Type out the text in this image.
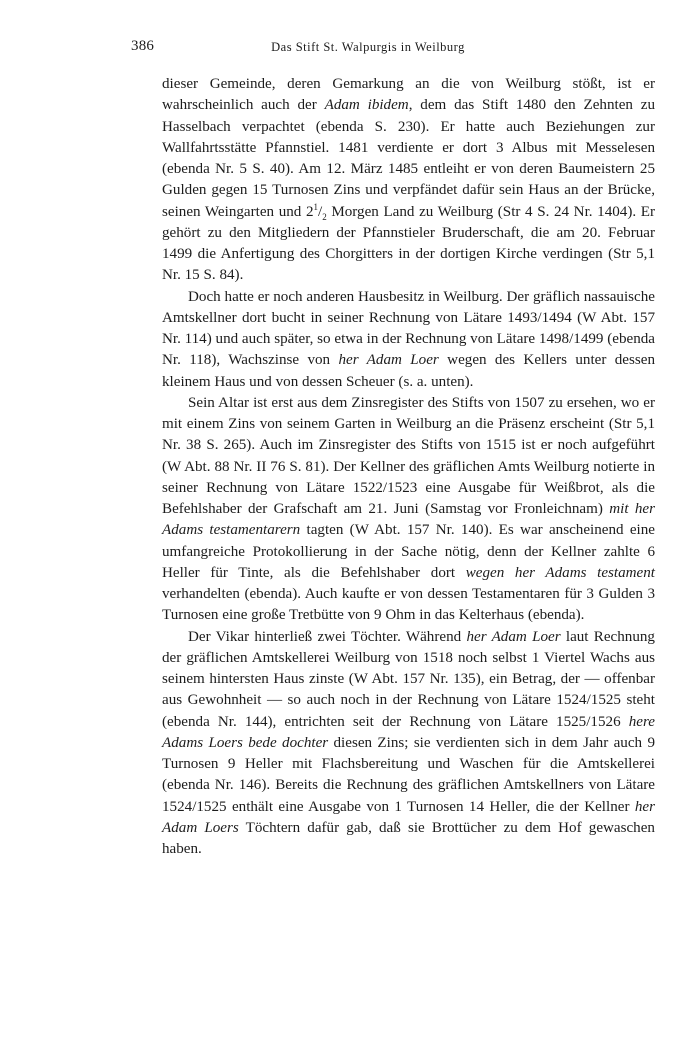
386	Das Stift St. Walpurgis in Weilburg

dieser Gemeinde, deren Gemarkung an die von Weilburg stößt, ist er wahrscheinlich auch der Adam ibidem, dem das Stift 1480 den Zehnten zu Hasselbach verpachtet (ebenda S. 230). Er hatte auch Beziehungen zur Wallfahrtsstätte Pfannstiel. 1481 verdiente er dort 3 Albus mit Messelesen (ebenda Nr. 5 S. 40). Am 12. März 1485 entleiht er von deren Baumeistern 25 Gulden gegen 15 Turnosen Zins und verpfändet dafür sein Haus an der Brücke, seinen Weingarten und $2^1/_2$ Morgen Land zu Weilburg (Str 4 S. 24 Nr. 1404). Er gehört zu den Mitgliedern der Pfannstieler Bruderschaft, die am 20. Februar 1499 die Anfertigung des Chorgitters in der dortigen Kirche verdingen (Str 5,1 Nr. 15 S. 84).

Doch hatte er noch anderen Hausbesitz in Weilburg. Der gräflich nassauische Amtskellner dort bucht in seiner Rechnung von Lätare 1493/1494 (W Abt. 157 Nr. 114) und auch später, so etwa in der Rechnung von Lätare 1498/1499 (ebenda Nr. 118), Wachszinse von her Adam Loer wegen des Kellers unter dessen kleinem Haus und von dessen Scheuer (s. a. unten).

Sein Altar ist erst aus dem Zinsregister des Stifts von 1507 zu ersehen, wo er mit einem Zins von seinem Garten in Weilburg an die Präsenz erscheint (Str 5,1 Nr. 38 S. 265). Auch im Zinsregister des Stifts von 1515 ist er noch aufgeführt (W Abt. 88 Nr. II 76 S. 81). Der Kellner des gräflichen Amts Weilburg notierte in seiner Rechnung von Lätare 1522/1523 eine Ausgabe für Weißbrot, als die Befehlshaber der Grafschaft am 21. Juni (Samstag vor Fronleichnam) mit her Adams testamentarern tagten (W Abt. 157 Nr. 140). Es war anscheinend eine umfangreiche Protokollierung in der Sache nötig, denn der Kellner zahlte 6 Heller für Tinte, als die Befehlshaber dort wegen her Adams testament verhandelten (ebenda). Auch kaufte er von dessen Testamentaren für 3 Gulden 3 Turnosen eine große Tretbütte von 9 Ohm in das Kelterhaus (ebenda).

Der Vikar hinterließ zwei Töchter. Während her Adam Loer laut Rechnung der gräflichen Amtskellerei Weilburg von 1518 noch selbst 1 Viertel Wachs aus seinem hintersten Haus zinste (W Abt. 157 Nr. 135), ein Betrag, der — offenbar aus Gewohnheit — so auch noch in der Rechnung von Lätare 1524/1525 steht (ebenda Nr. 144), entrichten seit der Rechnung von Lätare 1525/1526 here Adams Loers bede dochter diesen Zins; sie verdienten sich in dem Jahr auch 9 Turnosen 9 Heller mit Flachsbereitung und Waschen für die Amtskellerei (ebenda Nr. 146). Bereits die Rechnung des gräflichen Amtskellners von Lätare 1524/1525 enthält eine Ausgabe von 1 Turnosen 14 Heller, die der Kellner her Adam Loers Töchtern dafür gab, daß sie Brottücher zu dem Hof gewaschen haben.
